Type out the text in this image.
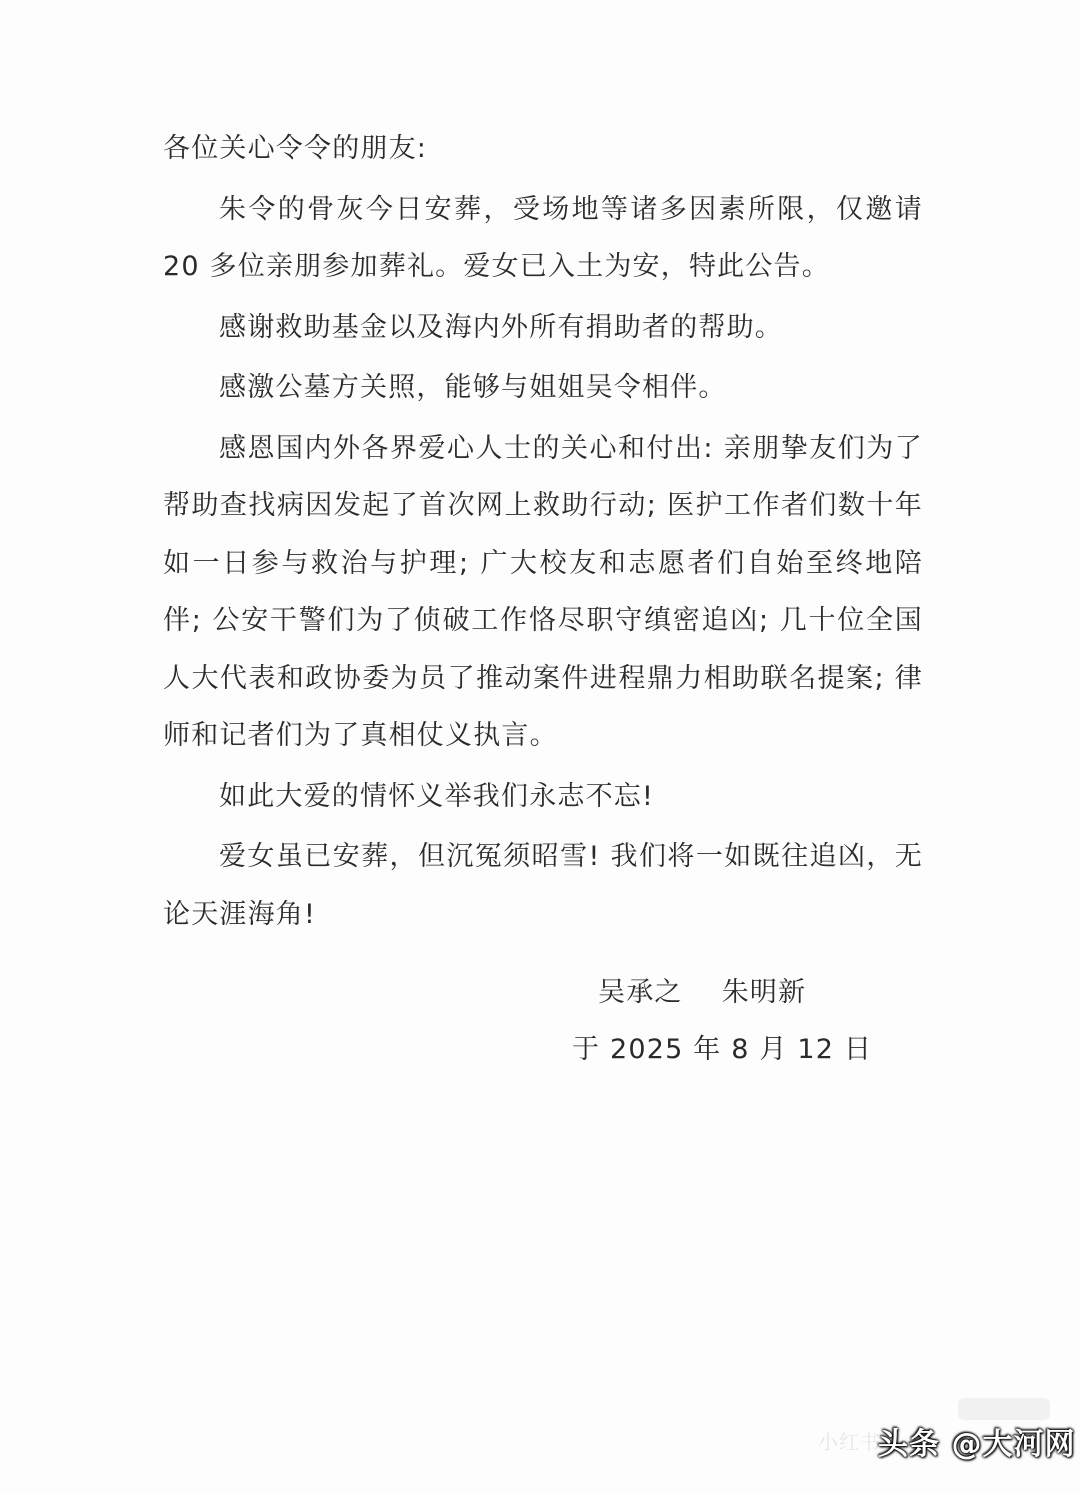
各位关心令令的朋友:

朱令的骨灰今日安葬，受场地等诸多因素所限，仅邀请 20 多位亲朋参加葬礼。爱女已入土为安，特此公告。

感谢救助基金以及海内外所有捐助者的帮助。

感激公墓方关照，能够与姐姐吴令相伴。

感恩国内外各界爱心人士的关心和付出: 亲朋挚友们为了帮助查找病因发起了首次网上救助行动; 医护工作者们数十年如一日参与救治与护理; 广大校友和志愿者们自始至终地陪伴; 公安干警们为了侦破工作恪尽职守缜密追凶; 几十位全国人大代表和政协委为员了推动案件进程鼎力相助联名提案; 律师和记者们为了真相仗义执言。

如此大爱的情怀义举我们永志不忘!

爱女虽已安葬，但沉冤须昭雪! 我们将一如既往追凶，无论天涯海角!

吴承之    朱明新
于 2025 年 8 月 12 日
小红书
头条 @大河网
